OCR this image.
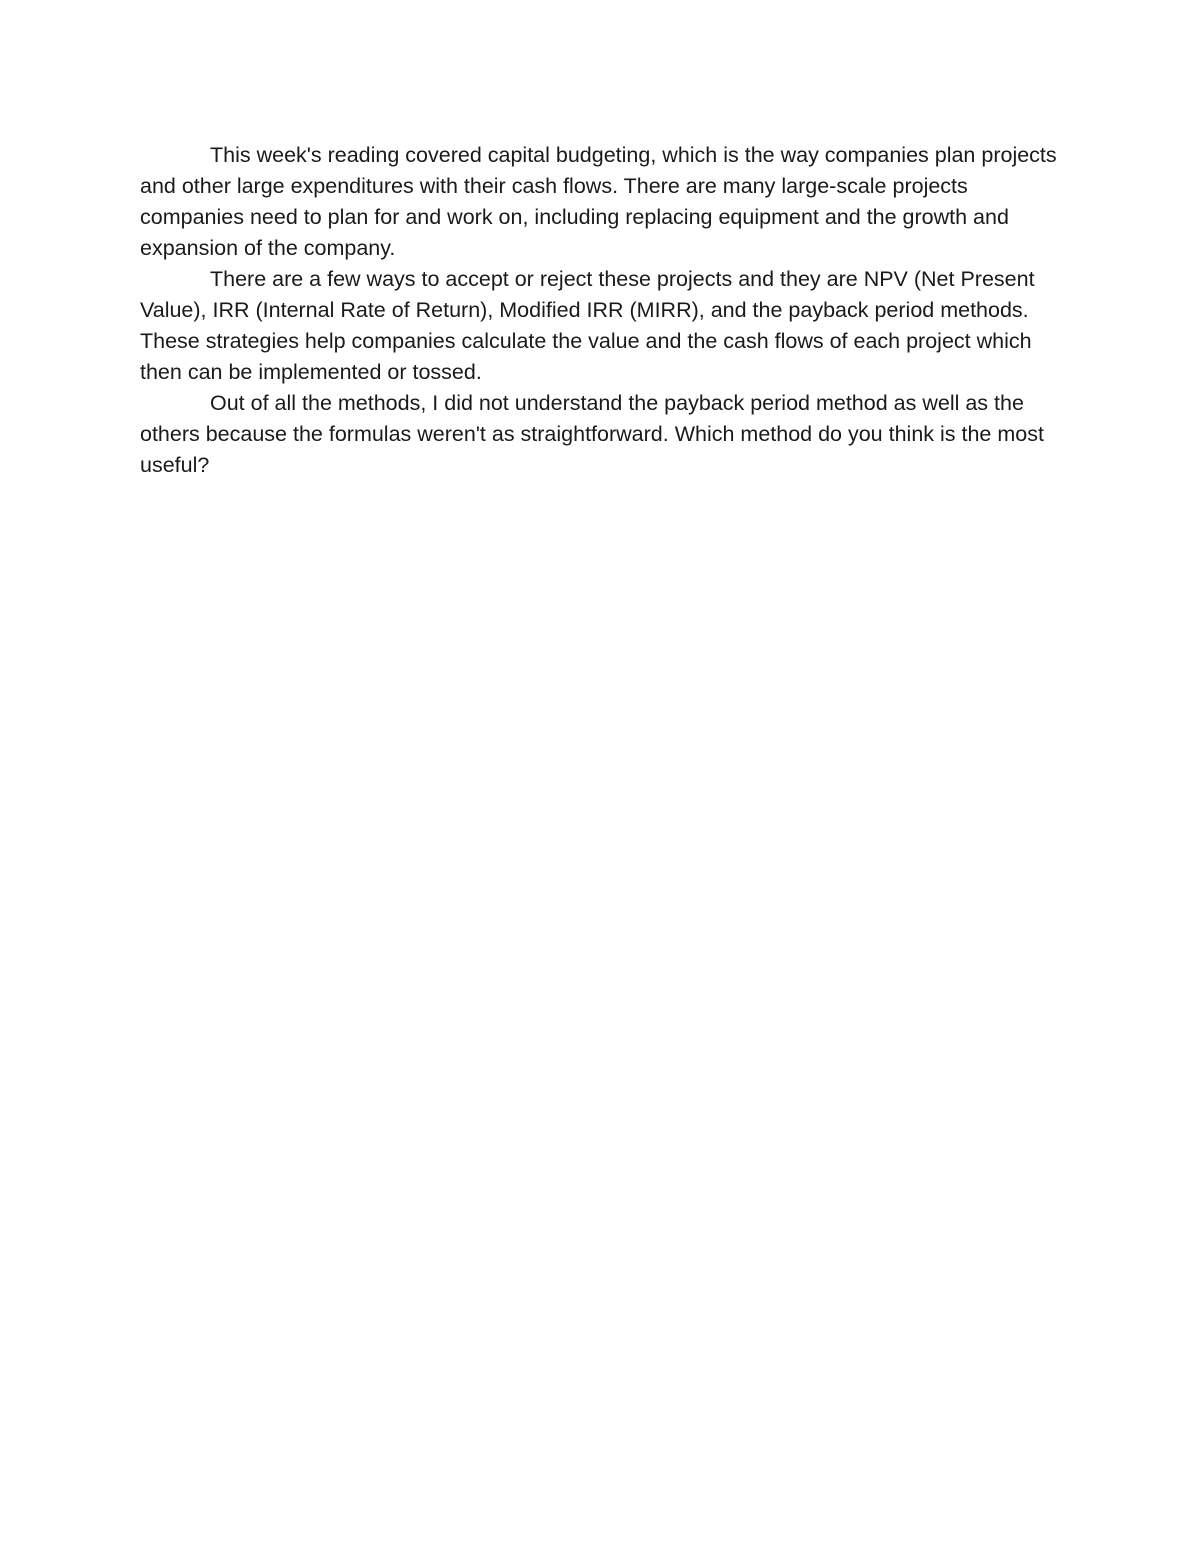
This week's reading covered capital budgeting, which is the way companies plan projects and other large expenditures with their cash flows. There are many large-scale projects companies need to plan for and work on, including replacing equipment and the growth and expansion of the company.

There are a few ways to accept or reject these projects and they are NPV (Net Present Value), IRR (Internal Rate of Return), Modified IRR (MIRR), and the payback period methods. These strategies help companies calculate the value and the cash flows of each project which then can be implemented or tossed.

Out of all the methods, I did not understand the payback period method as well as the others because the formulas weren't as straightforward. Which method do you think is the most useful?
